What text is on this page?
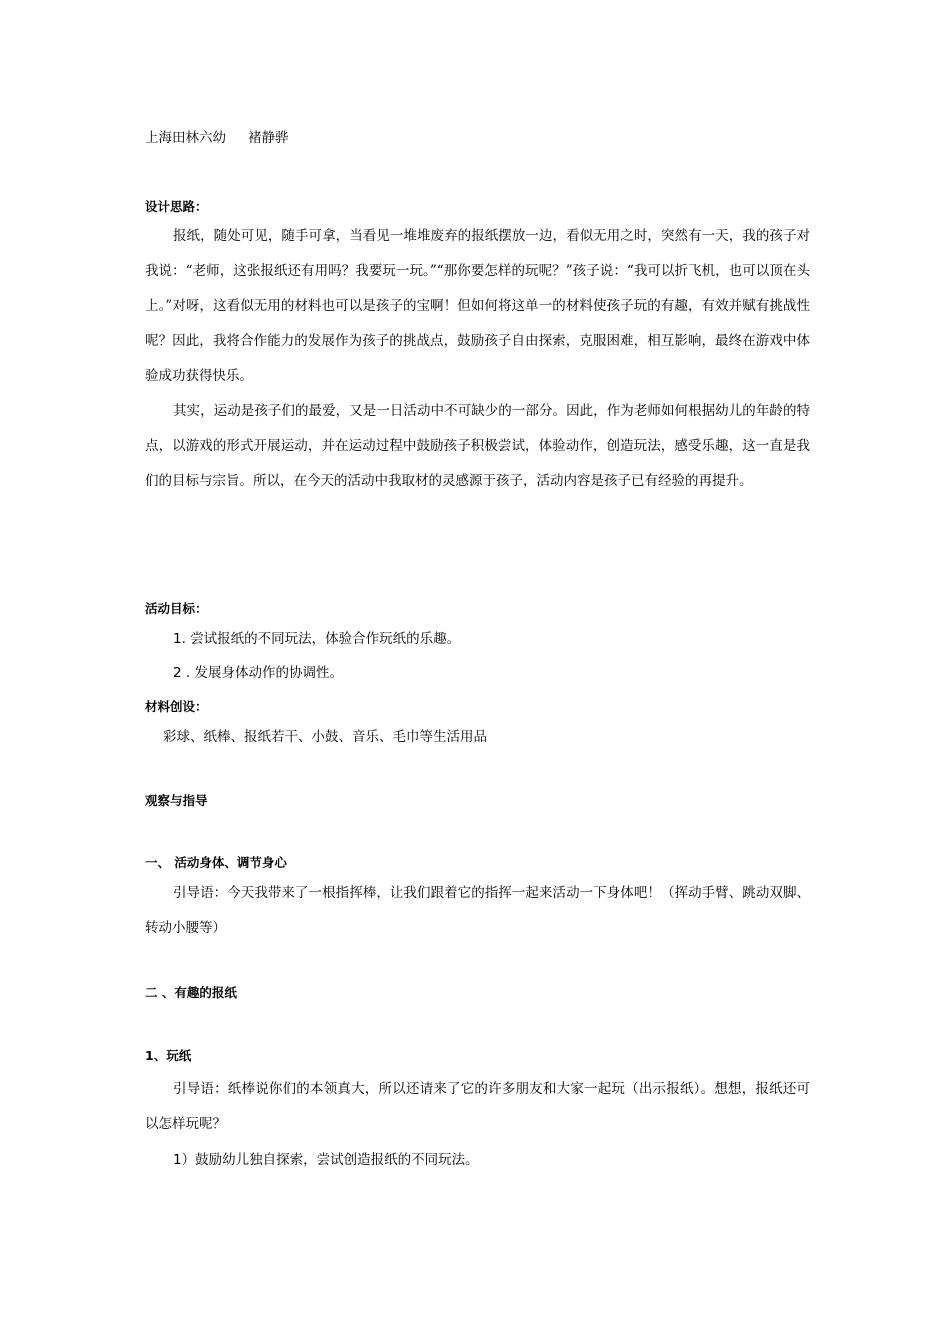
上海田林六幼 褚静骅
设计思路：

报纸，随处可见，随手可拿，当看见一堆堆废弃的报纸摆放一边，看似无用之时，突然有一天，我的孩子对我说：“老师，这张报纸还有用吗？我要玩一玩。”“那你要怎样的玩呢？”孩子说：“我可以折飞机，也可以顶在头上。”对呀，这看似无用的材料也可以是孩子的宝啊！但如何将这单一的材料使孩子玩的有趣，有效并赋有挑战性呢？因此，我将合作能力的发展作为孩子的挑战点，鼓励孩子自由探索，克服困难，相互影响，最终在游戏中体验成功获得快乐。

其实，运动是孩子们的最爱，又是一日活动中不可缺少的一部分。因此，作为老师如何根据幼儿的年龄的特点，以游戏的形式开展运动，并在运动过程中鼓励孩子积极尝试，体验动作，创造玩法，感受乐趣，这一直是我们的目标与宗旨。所以，在今天的活动中我取材的灵感源于孩子，活动内容是孩子已有经验的再提升。

活动目标：
1. 尝试报纸的不同玩法，体验合作玩纸的乐趣。
2 . 发展身体动作的协调性。
材料创设：
彩球、纸棒、报纸若干、小鼓、音乐、毛巾等生活用品
观察与指导
一、 活动身体、调节身心

引导语：今天我带来了一根指挥棒，让我们跟着它的指挥一起来活动一下身体吧！（挥动手臂、跳动双脚、转动小腰等）

二 、有趣的报纸
1、玩纸

引导语：纸棒说你们的本领真大，所以还请来了它的许多朋友和大家一起玩（出示报纸）。想想，报纸还可以怎样玩呢？

1）鼓励幼儿独自探索，尝试创造报纸的不同玩法。
